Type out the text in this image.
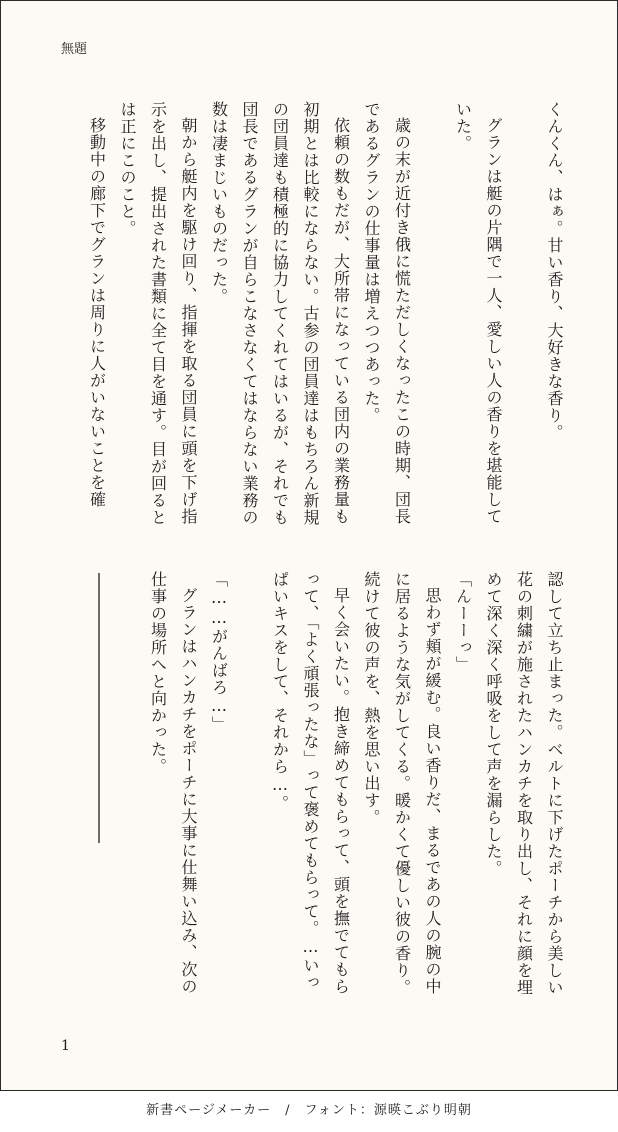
無題

くんくん、はぁ。甘い香り、大好きな香り。

グランは艇の片隅で一人、愛しい人の香りを堪能していた。

歳の末が近付き俄に慌ただしくなったこの時期、団長であるグランの仕事量は増えつつあった。

依頼の数もだが、大所帯になっている団内の業務量も初期とは比較にならない。古参の団員達はもちろん新規の団員達も積極的に協力してくれてはいるが、それでも団長であるグランが自らこなさなくてはならない業務の数は凄まじいものだった。

朝から艇内を駆け回り、指揮を取る団員に頭を下げ指示を出し、提出された書類に全て目を通す。目が回るとは正にこのこと。

移動中の廊下でグランは周りに人がいないことを確

認して立ち止まった。ベルトに下げたポーチから美しい花の刺繍が施されたハンカチを取り出し、それに顔を埋めて深く深く呼吸をして声を漏らした。

「んーーっ」

思わず頬が緩む。良い香りだ、まるであの人の腕の中に居るような気がしてくる。暖かくて優しい彼の香り。続けて彼の声を、熱を思い出す。

早く会いたい。抱き締めてもらって、頭を撫でてもらって、「よく頑張ったな」って褒めてもらって。…いっぱいキスをして、それから…。

「……がんばろ…」

グランはハンカチをポーチに大事に仕舞い込み、次の仕事の場所へと向かった。

1
新書ページメーカー　/　フォント：源暎こぶり明朝
